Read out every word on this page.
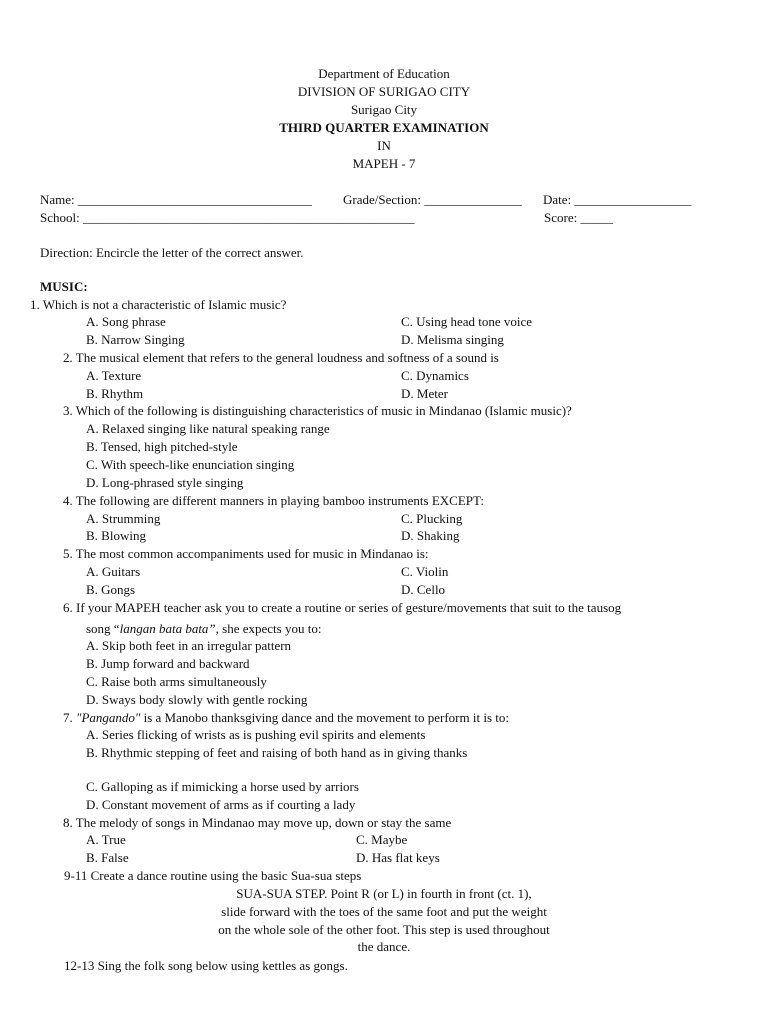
Department of Education
DIVISION OF SURIGAO CITY
Surigao City
THIRD QUARTER EXAMINATION
IN
MAPEH - 7
Name: ____________________________________ Grade/Section: _______________ Date: __________________
School: ___________________________________________________	Score: _____
Direction: Encircle the letter of the correct answer.
MUSIC:
1. Which is not a characteristic of Islamic music?
A. Song phrase	C. Using head tone voice
B. Narrow Singing	D. Melisma singing
2. The musical element that refers to the general loudness and softness of a sound is
A. Texture	C. Dynamics
B. Rhythm	D. Meter
3. Which of the following is distinguishing characteristics of music in Mindanao (Islamic music)?
A. Relaxed singing like natural speaking range
B. Tensed, high pitched-style
C. With speech-like enunciation singing
D. Long-phrased style singing
4. The following are different manners in playing bamboo instruments EXCEPT:
A. Strumming	C. Plucking
B. Blowing	D. Shaking
5. The most common accompaniments used for music in Mindanao is:
A. Guitars	C. Violin
B. Gongs	D. Cello
6. If your MAPEH teacher ask you to create a routine or series of gesture/movements that suit to the tausog
song “langan bata bata”, she expects you to:
A. Skip both feet in an irregular pattern
B. Jump forward and backward
C. Raise both arms simultaneously
D. Sways body slowly with gentle rocking
7. "Pangando" is a Manobo thanksgiving dance and the movement to perform it is to:
A. Series flicking of wrists as is pushing evil spirits and elements
B. Rhythmic stepping of feet and raising of both hand as in giving thanks
C. Galloping as if mimicking a horse used by arriors
D. Constant movement of arms as if courting a lady
8. The melody of songs in Mindanao may move up, down or stay the same
A. True	C. Maybe
B. False	D. Has flat keys
9-11 Create a dance routine using the basic Sua-sua steps
SUA-SUA STEP. Point R (or L) in fourth in front (ct. 1),
slide forward with the toes of the same foot and put the weight
on the whole sole of the other foot. This step is used throughout
the dance.
12-13 Sing the folk song below using kettles as gongs.
